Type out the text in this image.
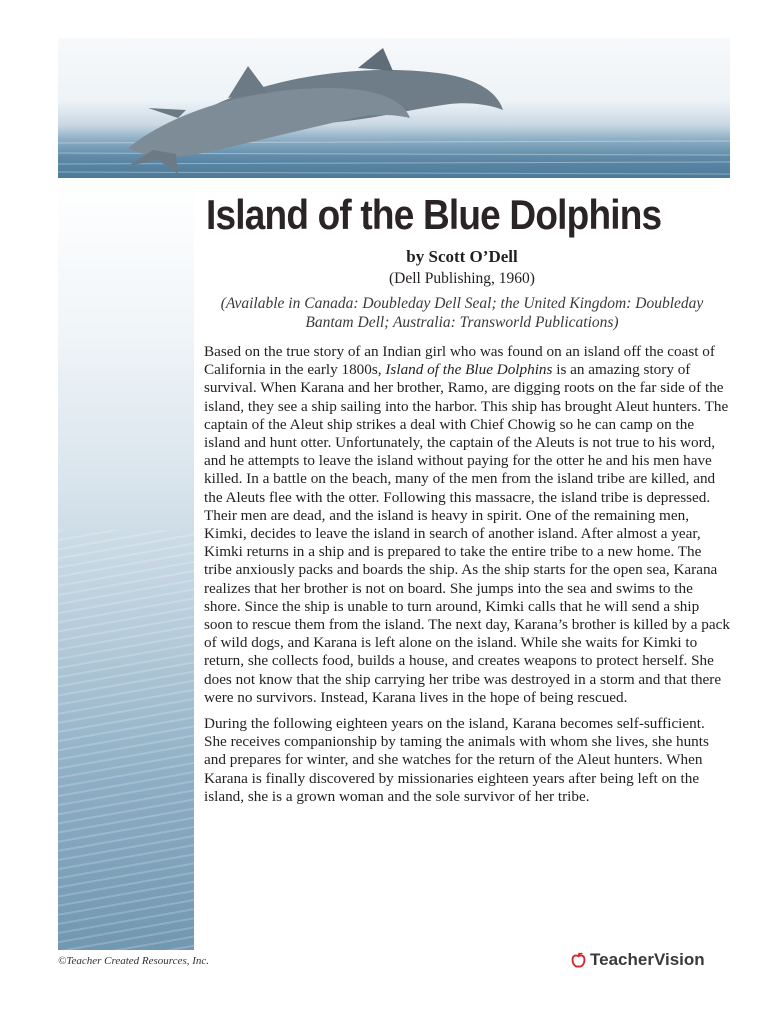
Island of the Blue Dolphins
by Scott O’Dell
(Dell Publishing, 1960)
(Available in Canada: Doubleday Dell Seal; the United Kingdom: Doubleday Bantam Dell; Australia: Transworld Publications)

Based on the true story of an Indian girl who was found on an island off the coast of California in the early 1800s, Island of the Blue Dolphins is an amazing story of survival. When Karana and her brother, Ramo, are digging roots on the far side of the island, they see a ship sailing into the harbor. This ship has brought Aleut hunters. The captain of the Aleut ship strikes a deal with Chief Chowig so he can camp on the island and hunt otter. Unfortunately, the captain of the Aleuts is not true to his word, and he attempts to leave the island without paying for the otter he and his men have killed. In a battle on the beach, many of the men from the island tribe are killed, and the Aleuts flee with the otter. Following this massacre, the island tribe is depressed. Their men are dead, and the island is heavy in spirit. One of the remaining men, Kimki, decides to leave the island in search of another island. After almost a year, Kimki returns in a ship and is prepared to take the entire tribe to a new home. The tribe anxiously packs and boards the ship. As the ship starts for the open sea, Karana realizes that her brother is not on board. She jumps into the sea and swims to the shore. Since the ship is unable to turn around, Kimki calls that he will send a ship soon to rescue them from the island. The next day, Karana’s brother is killed by a pack of wild dogs, and Karana is left alone on the island. While she waits for Kimki to return, she collects food, builds a house, and creates weapons to protect herself. She does not know that the ship carrying her tribe was destroyed in a storm and that there were no survivors. Instead, Karana lives in the hope of being rescued.

During the following eighteen years on the island, Karana becomes self-sufficient. She receives companionship by taming the animals with whom she lives, she hunts and prepares for winter, and she watches for the return of the Aleut hunters. When Karana is finally discovered by missionaries eighteen years after being left on the island, she is a grown woman and the sole survivor of her tribe.

©Teacher Created Resources, Inc.	TeacherVision
